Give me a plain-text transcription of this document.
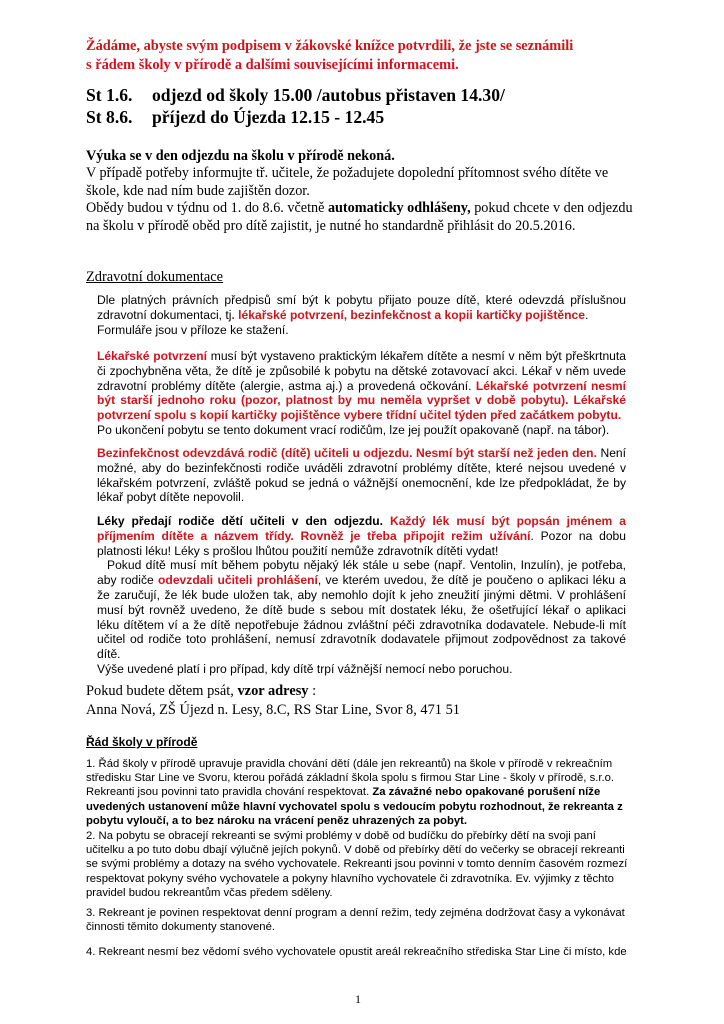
Žádáme, abyste svým podpisem v žákovské knížce potvrdili, že jste se seznámili
s řádem školy v přírodě a dalšími souvisejícími informacemi.
St 1.6. odjezd od školy 15.00 /autobus přistaven 14.30/
St 8.6. příjezd do Újezda 12.15 - 12.45
Výuka se v den odjezdu na školu v přírodě nekoná.
V případě potřeby informujte tř. učitele, že požadujete dopolední přítomnost svého dítěte ve škole, kde nad ním bude zajištěn dozor.
Obědy budou v týdnu od 1. do 8.6. včetně automaticky odhlášeny, pokud chcete v den odjezdu na školu v přírodě oběd pro dítě zajistit, je nutné ho standardně přihlásit do 20.5.2016.
Zdravotní dokumentace

Dle platných právních předpisů smí být k pobytu přijato pouze dítě, které odevzdá příslušnou zdravotní dokumentaci, tj. lékařské potvrzení, bezinfekčnost a kopii kartičky pojištěnce.

Formuláře jsou v příloze ke stažení.

Lékařské potvrzení musí být vystaveno praktickým lékařem dítěte a nesmí v něm být přeškrtnuta či zpochybněna věta, že dítě je způsobilé k pobytu na dětské zotavovací akci. Lékař v něm uvede zdravotní problémy dítěte (alergie, astma aj.) a provedená očkování. Lékařské potvrzení nesmí být starší jednoho roku (pozor, platnost by mu neměla vypršet v době pobytu). Lékařské potvrzení spolu s kopií kartičky pojištěnce vybere třídní učitel týden před začátkem pobytu.

Po ukončení pobytu se tento dokument vrací rodičům, lze jej použít opakovaně (např. na tábor).

Bezinfekčnost odevzdává rodič (dítě) učiteli u odjezdu. Nesmí být starší než jeden den. Není možné, aby do bezinfekčnosti rodiče uváděli zdravotní problémy dítěte, které nejsou uvedené v lékařském potvrzení, zvláště pokud se jedná o vážnější onemocnění, kde lze předpokládat, že by lékař pobyt dítěte nepovolil.

Léky předají rodiče dětí učiteli v den odjezdu. Každý lék musí být popsán jménem a příjmením dítěte a názvem třídy. Rovněž je třeba připojit režim užívání. Pozor na dobu platnosti léku! Léky s prošlou lhůtou použití nemůže zdravotník dítěti vydat!

Pokud dítě musí mít během pobytu nějaký lék stále u sebe (např. Ventolin, Inzulín), je potřeba, aby rodiče odevzdali učiteli prohlášení, ve kterém uvedou, že dítě je poučeno o aplikaci léku a že zaručují, že lék bude uložen tak, aby nemohlo dojít k jeho zneužití jinými dětmi. V prohlášení musí být rovněž uvedeno, že dítě bude s sebou mít dostatek léku, že ošetřující lékař o aplikaci léku dítětem ví a že dítě nepotřebuje žádnou zvláštní péči zdravotníka dodavatele. Nebude-li mít učitel od rodiče toto prohlášení, nemusí zdravotník dodavatele přijmout zodpovědnost za takové dítě.

Výše uvedené platí i pro případ, kdy dítě trpí vážnější nemocí nebo poruchou.

Pokud budete dětem psát, vzor adresy :
Anna Nová, ZŠ Újezd n. Lesy, 8.C, RS Star Line, Svor 8, 471 51
Řád školy v přírodě

1. Řád školy v přírodě upravuje pravidla chování dětí (dále jen rekreantů) na škole v přírodě v rekreačním středisku Star Line ve Svoru, kterou pořádá základní škola spolu s firmou Star Line - školy v přírodě, s.r.o. Rekreanti jsou povinni tato pravidla chování respektovat. Za závažné nebo opakované porušení níže uvedených ustanovení může hlavní vychovatel spolu s vedoucím pobytu rozhodnout, že rekreanta z pobytu vyloučí, a to bez nároku na vrácení peněz uhrazených za pobyt.

2. Na pobytu se obracejí rekreanti se svými problémy v době od budíčku do přebírky dětí na svoji paní učitelku a po tuto dobu dbají výlučně jejích pokynů. V době od přebírky dětí do večerky se obracejí rekreanti se svými problémy a dotazy na svého vychovatele. Rekreanti jsou povinni v tomto denním časovém rozmezí respektovat pokyny svého vychovatele a pokyny hlavního vychovatele či zdravotníka. Ev. výjimky z těchto pravidel budou rekreantům včas předem sděleny.

3. Rekreant je povinen respektovat denní program a denní režim, tedy zejména dodržovat časy a vykonávat činnosti těmito dokumenty stanovené.

4. Rekreant nesmí bez vědomí svého vychovatele opustit areál rekreačního střediska Star Line či místo, kde

1
